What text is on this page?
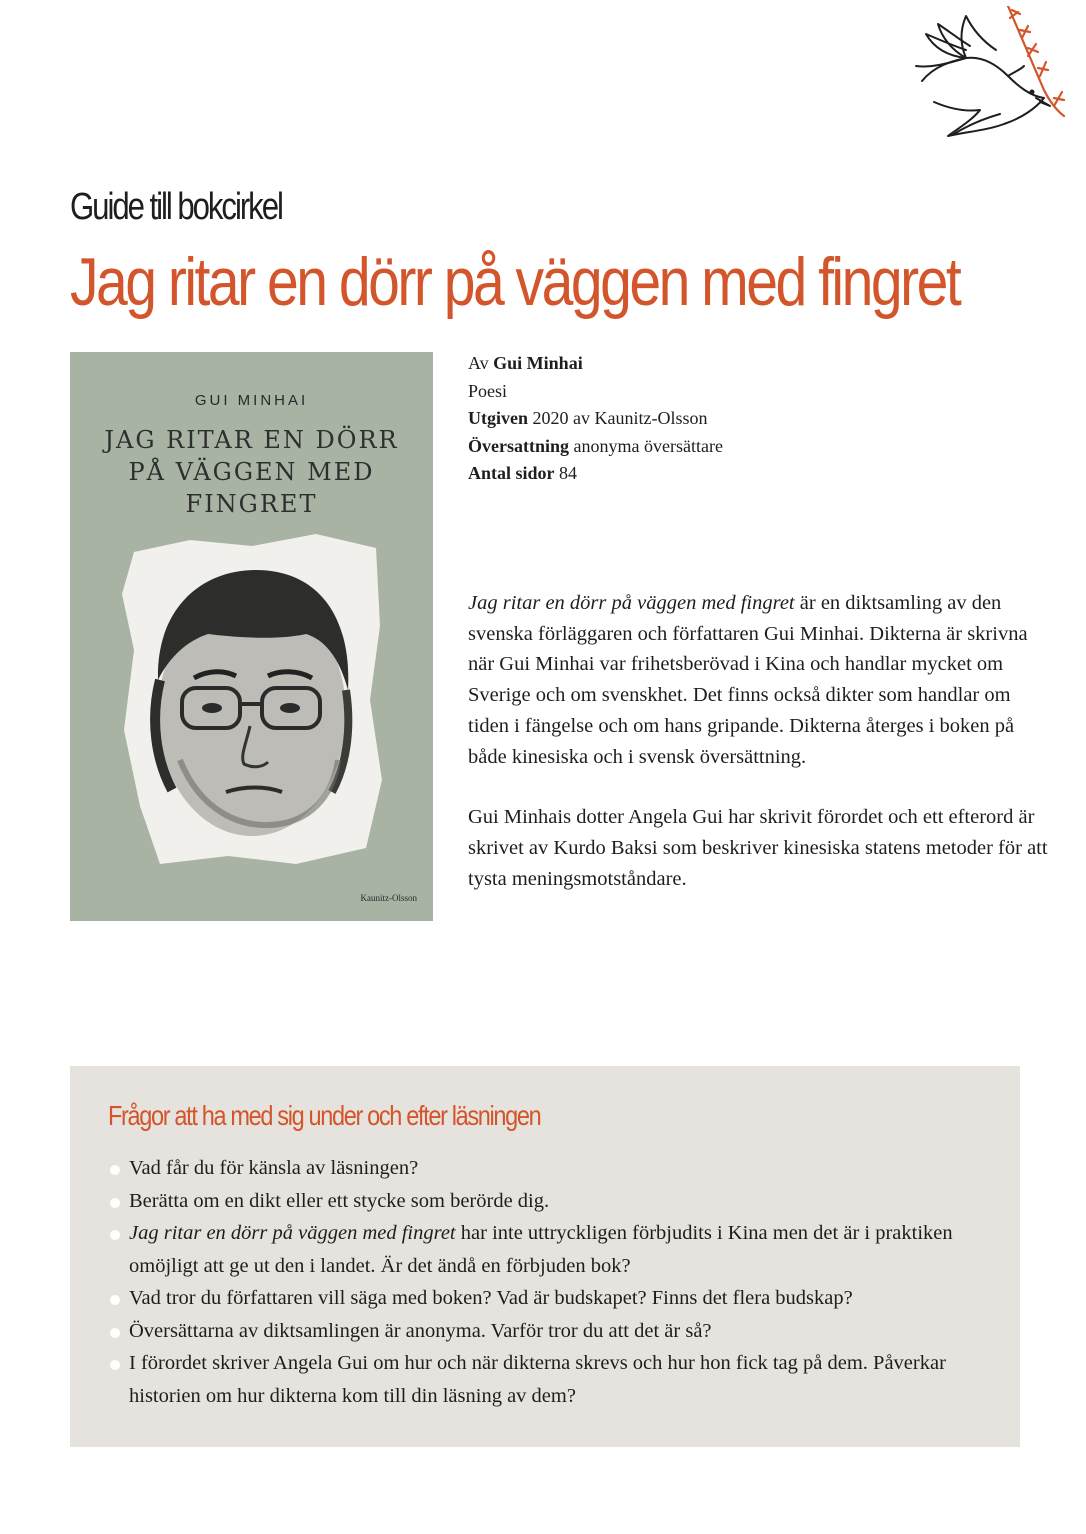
Guide till bokcirkel
Jag ritar en dörr på väggen med fingret
GUI MINHAI
JAG RITAR EN DÖRR PÅ VÄGGEN MED FINGRET
Kaunitz-Olsson
Av Gui Minhai
Poesi
Utgiven 2020 av Kaunitz-Olsson
Översattning anonyma översättare
Antal sidor 84

Jag ritar en dörr på väggen med fingret är en diktsamling av den svenska förläggaren och författaren Gui Minhai. Dikterna är skrivna när Gui Minhai var frihetsberövad i Kina och handlar mycket om Sverige och om svenskhet. Det finns också dikter som handlar om tiden i fängelse och om hans gripande. Dikterna återges i boken på både kinesiska och i svensk översättning.

Gui Minhais dotter Angela Gui har skrivit förordet och ett efterord är skrivet av Kurdo Baksi som beskriver kinesiska statens metoder för att tysta meningsmotståndare.

Frågor att ha med sig under och efter läsningen
Vad får du för känsla av läsningen?
Berätta om en dikt eller ett stycke som berörde dig.
Jag ritar en dörr på väggen med fingret har inte uttryckligen förbjudits i Kina men det är i praktiken omöjligt att ge ut den i landet. Är det ändå en förbjuden bok?
Vad tror du författaren vill säga med boken? Vad är budskapet? Finns det flera budskap?
Översättarna av diktsamlingen är anonyma. Varför tror du att det är så?
I förordet skriver Angela Gui om hur och när dikterna skrevs och hur hon fick tag på dem. Påverkar historien om hur dikterna kom till din läsning av dem?
